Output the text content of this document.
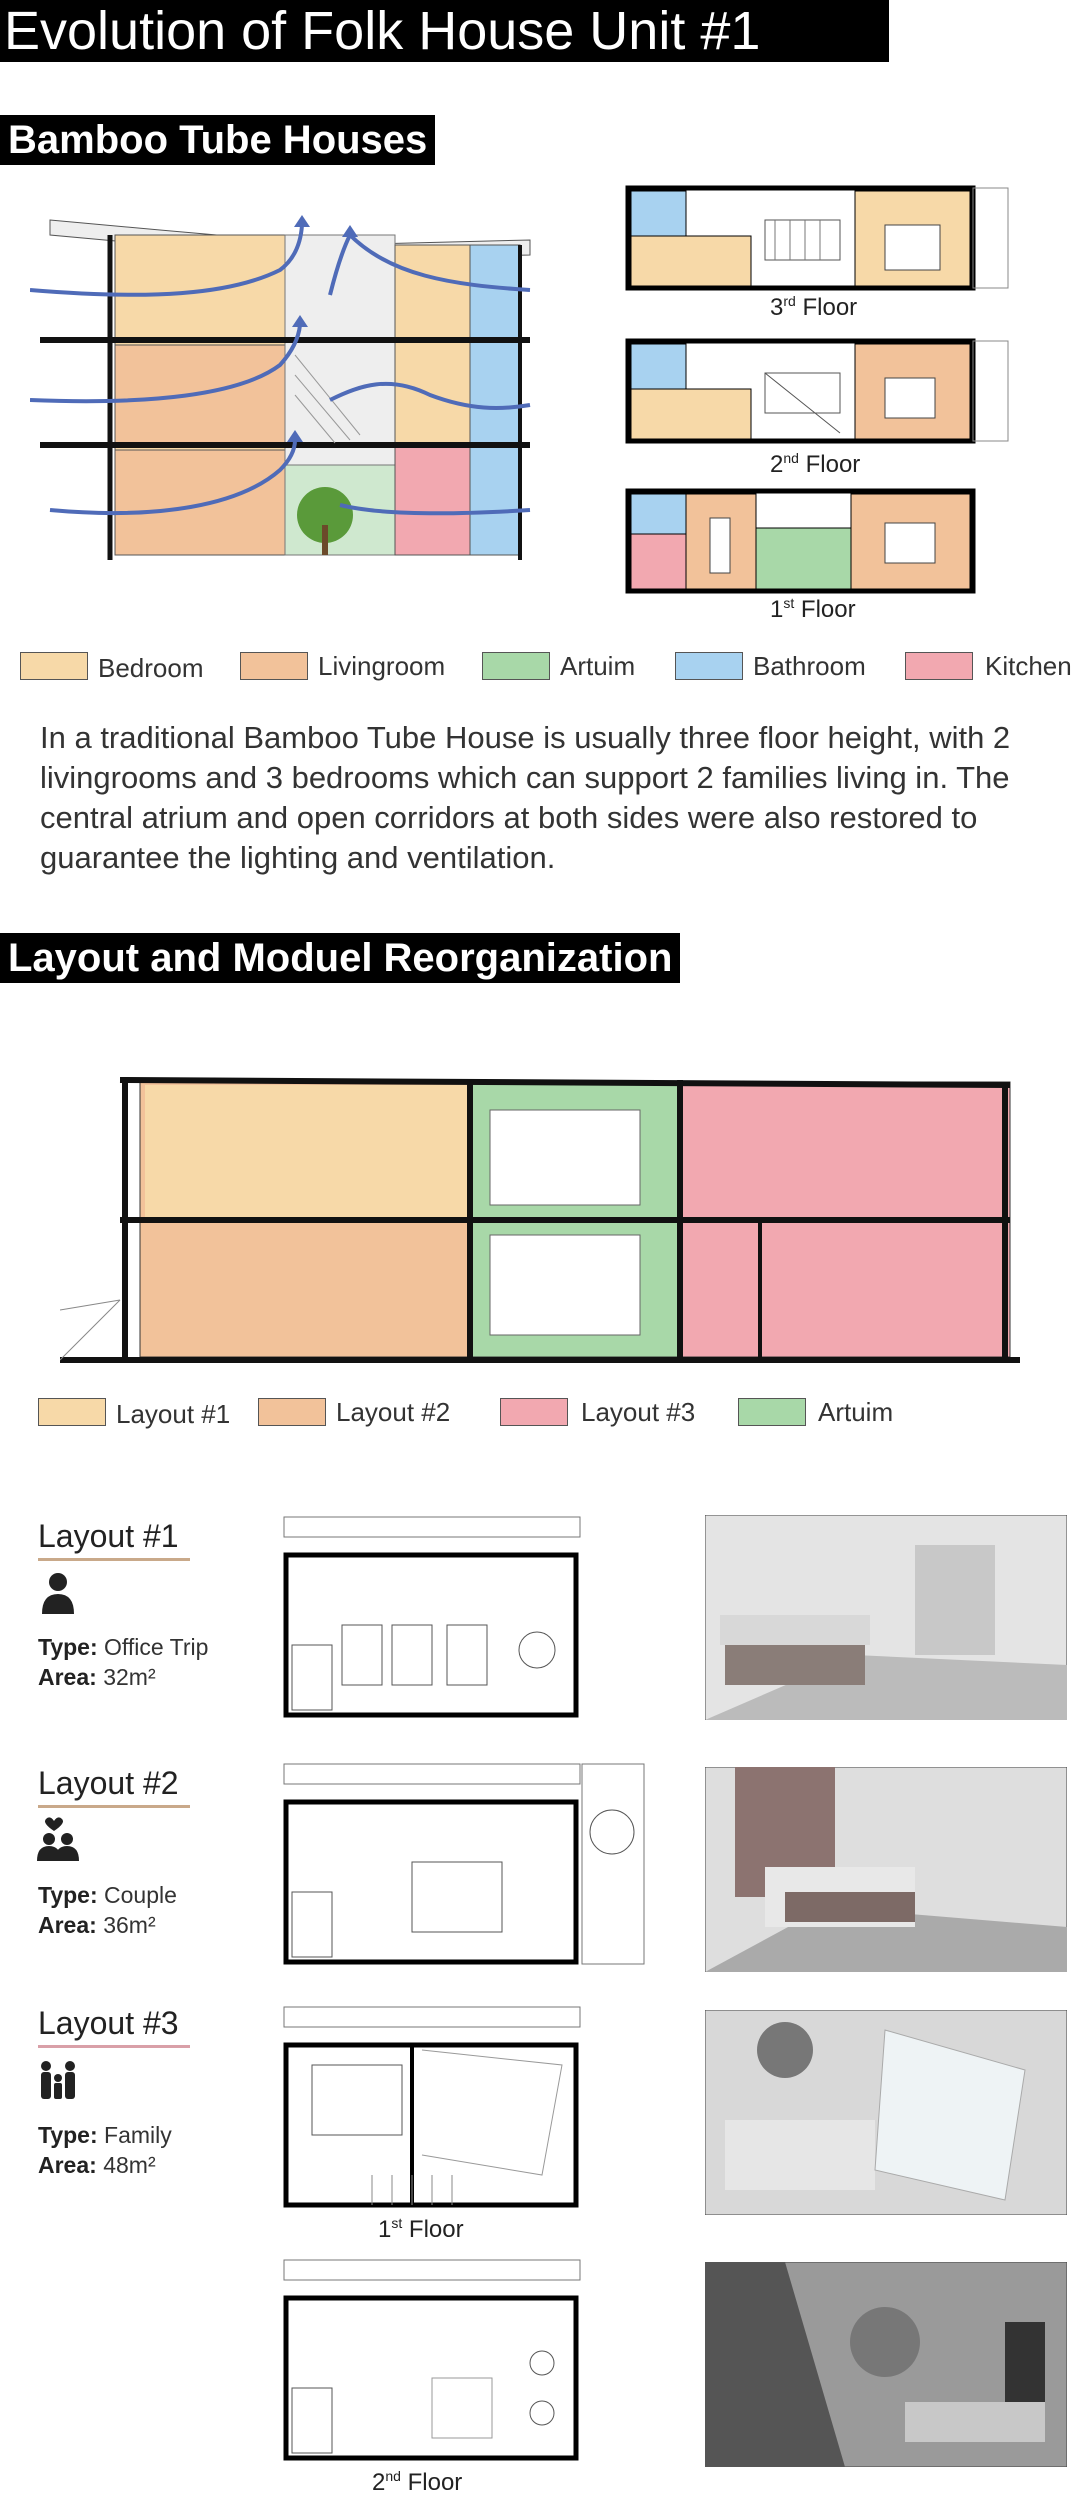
Evolution of Folk House Unit #1
Bamboo Tube Houses
3rd Floor
2nd Floor
1st Floor
Bedroom	Livingroom	Artuim	Bathroom	Kitchen
In a traditional Bamboo Tube House is usually three floor height, with 2 livingrooms and 3 bedrooms which can support 2 families living in. The central atrium and open corridors at both sides were also restored to guarantee the lighting and ventilation.
Layout and Moduel Reorganization
Layout #1	Layout #2	Layout #3	Artuim
Layout #1
Type: Office Trip
Area: 32m²
Layout #2
Type: Couple
Area: 36m²
Layout #3
Type: Family
Area: 48m²
1st Floor
2nd Floor
